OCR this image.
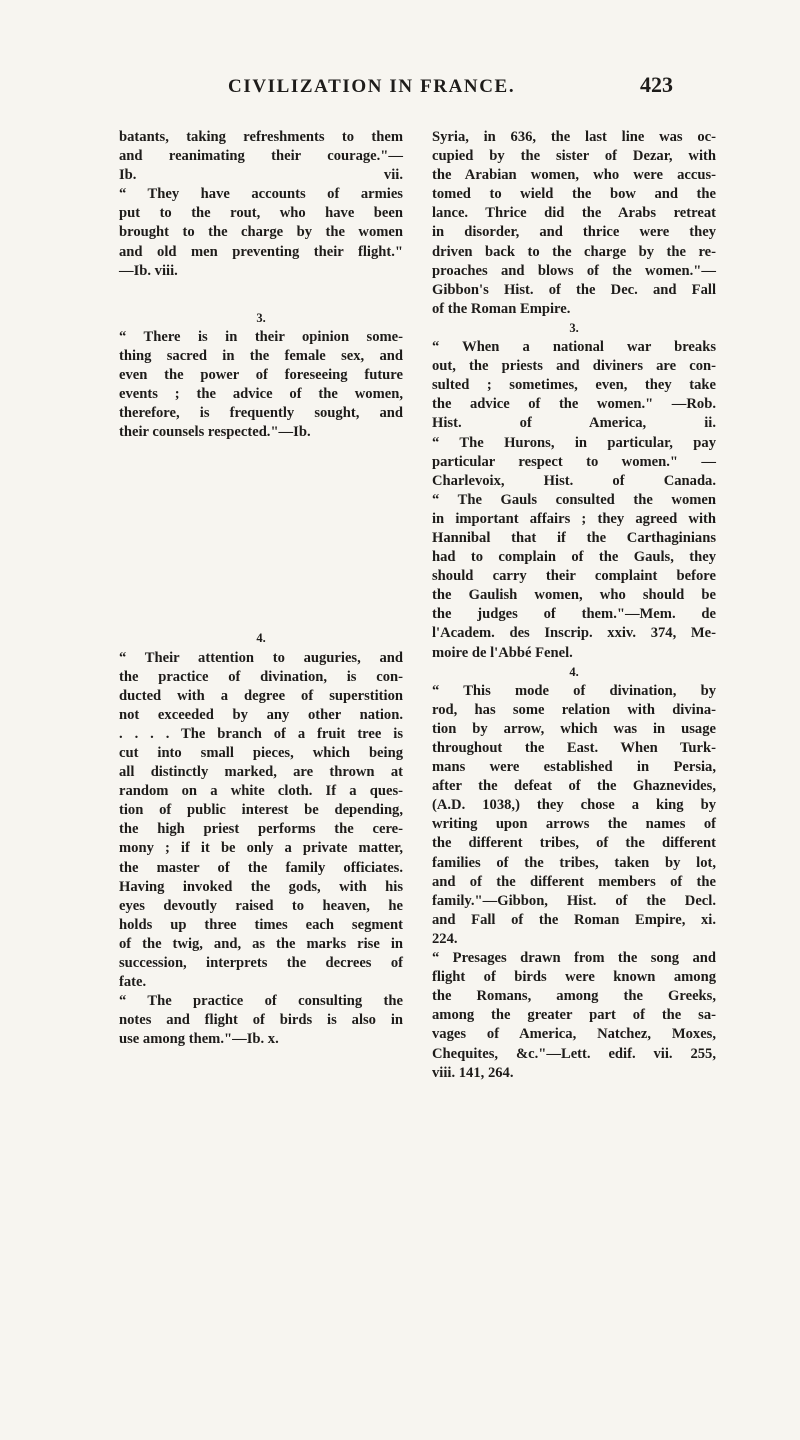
CIVILIZATION IN FRANCE.	423
batants, taking refreshments to them
and reanimating their courage."—
Ib. vii.
“ They have accounts of armies
put to the rout, who have been
brought to the charge by the women
and old men preventing their flight."
—Ib. viii.
3.
“ There is in their opinion some-
thing sacred in the female sex, and
even the power of foreseeing future
events ; the advice of the women,
therefore, is frequently sought, and
their counsels respected."—Ib.
4.
“ Their attention to auguries, and
the practice of divination, is con-
ducted with a degree of superstition
not exceeded by any other nation.
. . . . The branch of a fruit tree is
cut into small pieces, which being
all distinctly marked, are thrown at
random on a white cloth. If a ques-
tion of public interest be depending,
the high priest performs the cere-
mony ; if it be only a private matter,
the master of the family officiates.
Having invoked the gods, with his
eyes devoutly raised to heaven, he
holds up three times each segment
of the twig, and, as the marks rise in
succession, interprets the decrees of
fate.
“ The practice of consulting the
notes and flight of birds is also in
use among them."—Ib. x.
Syria, in 636, the last line was oc-
cupied by the sister of Dezar, with
the Arabian women, who were accus-
tomed to wield the bow and the
lance. Thrice did the Arabs retreat
in disorder, and thrice were they
driven back to the charge by the re-
proaches and blows of the women."—
Gibbon's Hist. of the Dec. and Fall
of the Roman Empire.
3.
“ When a national war breaks
out, the priests and diviners are con-
sulted ; sometimes, even, they take
the advice of the women." —Rob.
Hist. of America, ii.
“ The Hurons, in particular, pay
particular respect to women." —
Charlevoix, Hist. of Canada.
“ The Gauls consulted the women
in important affairs ; they agreed with
Hannibal that if the Carthaginians
had to complain of the Gauls, they
should carry their complaint before
the Gaulish women, who should be
the judges of them."—Mem. de
l'Academ. des Inscrip. xxiv. 374, Me-
moire de l'Abbé Fenel.
4.
“ This mode of divination, by
rod, has some relation with divina-
tion by arrow, which was in usage
throughout the East. When Turk-
mans were established in Persia,
after the defeat of the Ghaznevides,
(A.D. 1038,) they chose a king by
writing upon arrows the names of
the different tribes, of the different
families of the tribes, taken by lot,
and of the different members of the
family."—Gibbon, Hist. of the Decl.
and Fall of the Roman Empire, xi.
224.
“ Presages drawn from the song and
flight of birds were known among
the Romans, among the Greeks,
among the greater part of the sa-
vages of America, Natchez, Moxes,
Chequites, &c."—Lett. edif. vii. 255,
viii. 141, 264.
